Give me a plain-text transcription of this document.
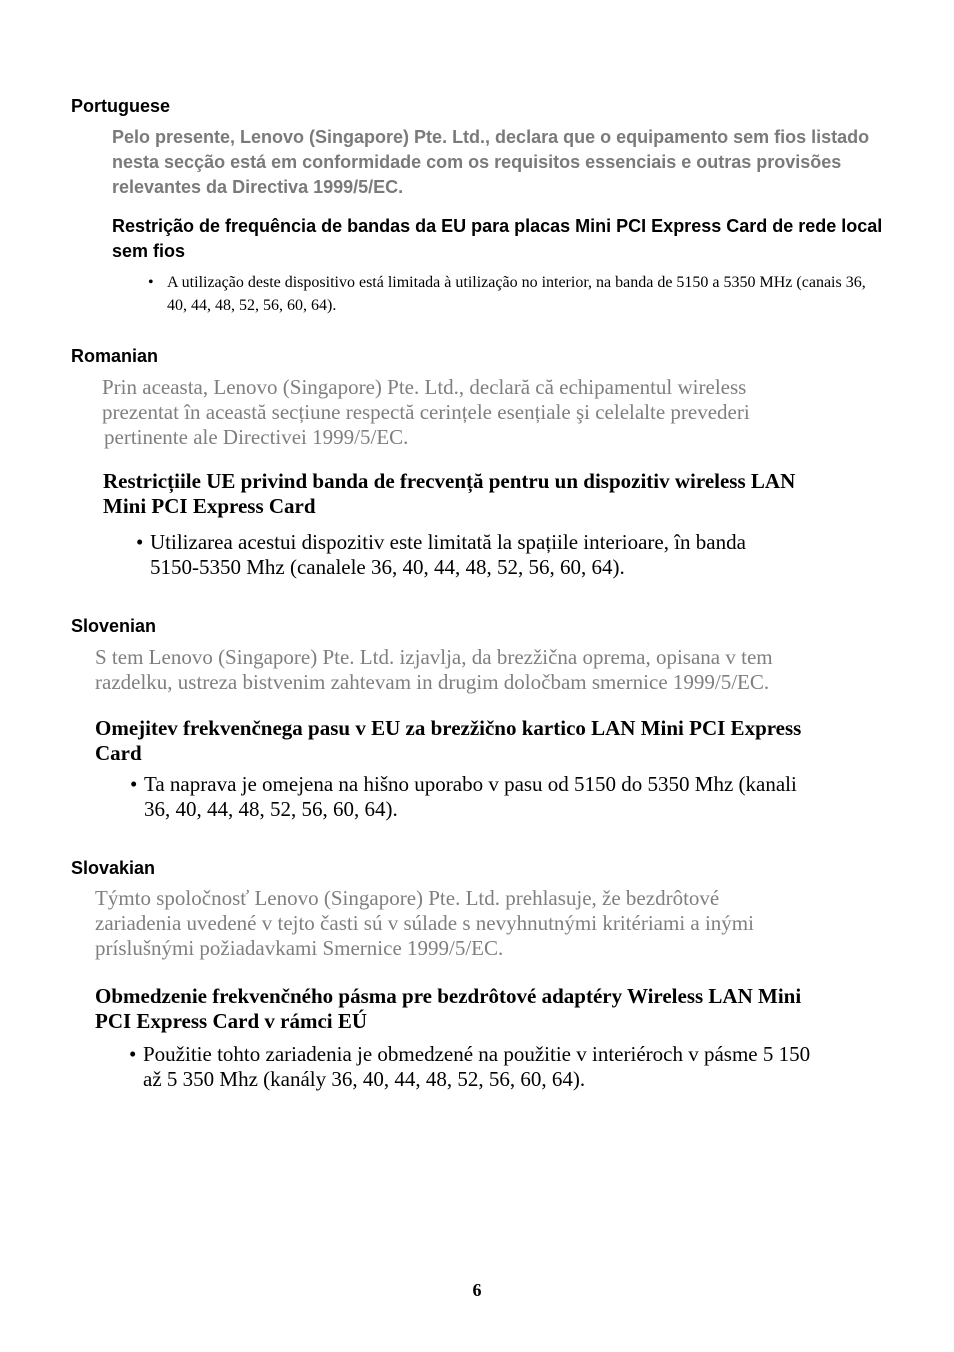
Portuguese

Pelo presente, Lenovo (Singapore) Pte. Ltd., declara que o equipamento sem fios listado nesta secção está em conformidade com os requisitos essenciais e outras provisões relevantes da Directiva 1999/5/EC.

Restrição de frequência de bandas da EU para placas Mini PCI Express Card de rede local sem fios
• A utilização deste dispositivo está limitada à utilização no interior, na banda de 5150 a 5350 MHz (canais 36, 40, 44, 48, 52, 56, 60, 64).
Romanian
Prin aceasta, Lenovo (Singapore) Pte. Ltd., declară că echipamentul wireless
prezentat în această secțiune respectă cerințele esențiale şi celelalte prevederi
pertinente ale Directivei 1999/5/EC.
Restricțiile UE privind banda de frecvență pentru un dispozitiv wireless LAN
Mini PCI Express Card
• Utilizarea acestui dispozitiv este limitată la spațiile interioare, în banda
5150-5350 Mhz (canalele 36, 40, 44, 48, 52, 56, 60, 64).
Slovenian
S tem Lenovo (Singapore) Pte. Ltd. izjavlja, da brezžična oprema, opisana v tem
razdelku, ustreza bistvenim zahtevam in drugim določbam smernice 1999/5/EC.
Omejitev frekvenčnega pasu v EU za brezžično kartico LAN Mini PCI Express
Card
• Ta naprava je omejena na hišno uporabo v pasu od 5150 do 5350 Mhz (kanali
36, 40, 44, 48, 52, 56, 60, 64).
Slovakian
Týmto spoločnosť Lenovo (Singapore) Pte. Ltd. prehlasuje, že bezdrôtové
zariadenia uvedené v tejto časti sú v súlade s nevyhnutnými kritériami a inými
príslušnými požiadavkami Smernice 1999/5/EC.
Obmedzenie frekvenčného pásma pre bezdrôtové adaptéry Wireless LAN Mini
PCI Express Card v rámci EÚ
• Použitie tohto zariadenia je obmedzené na použitie v interiéroch v pásme 5 150
až 5 350 Mhz (kanály 36, 40, 44, 48, 52, 56, 60, 64).
6
